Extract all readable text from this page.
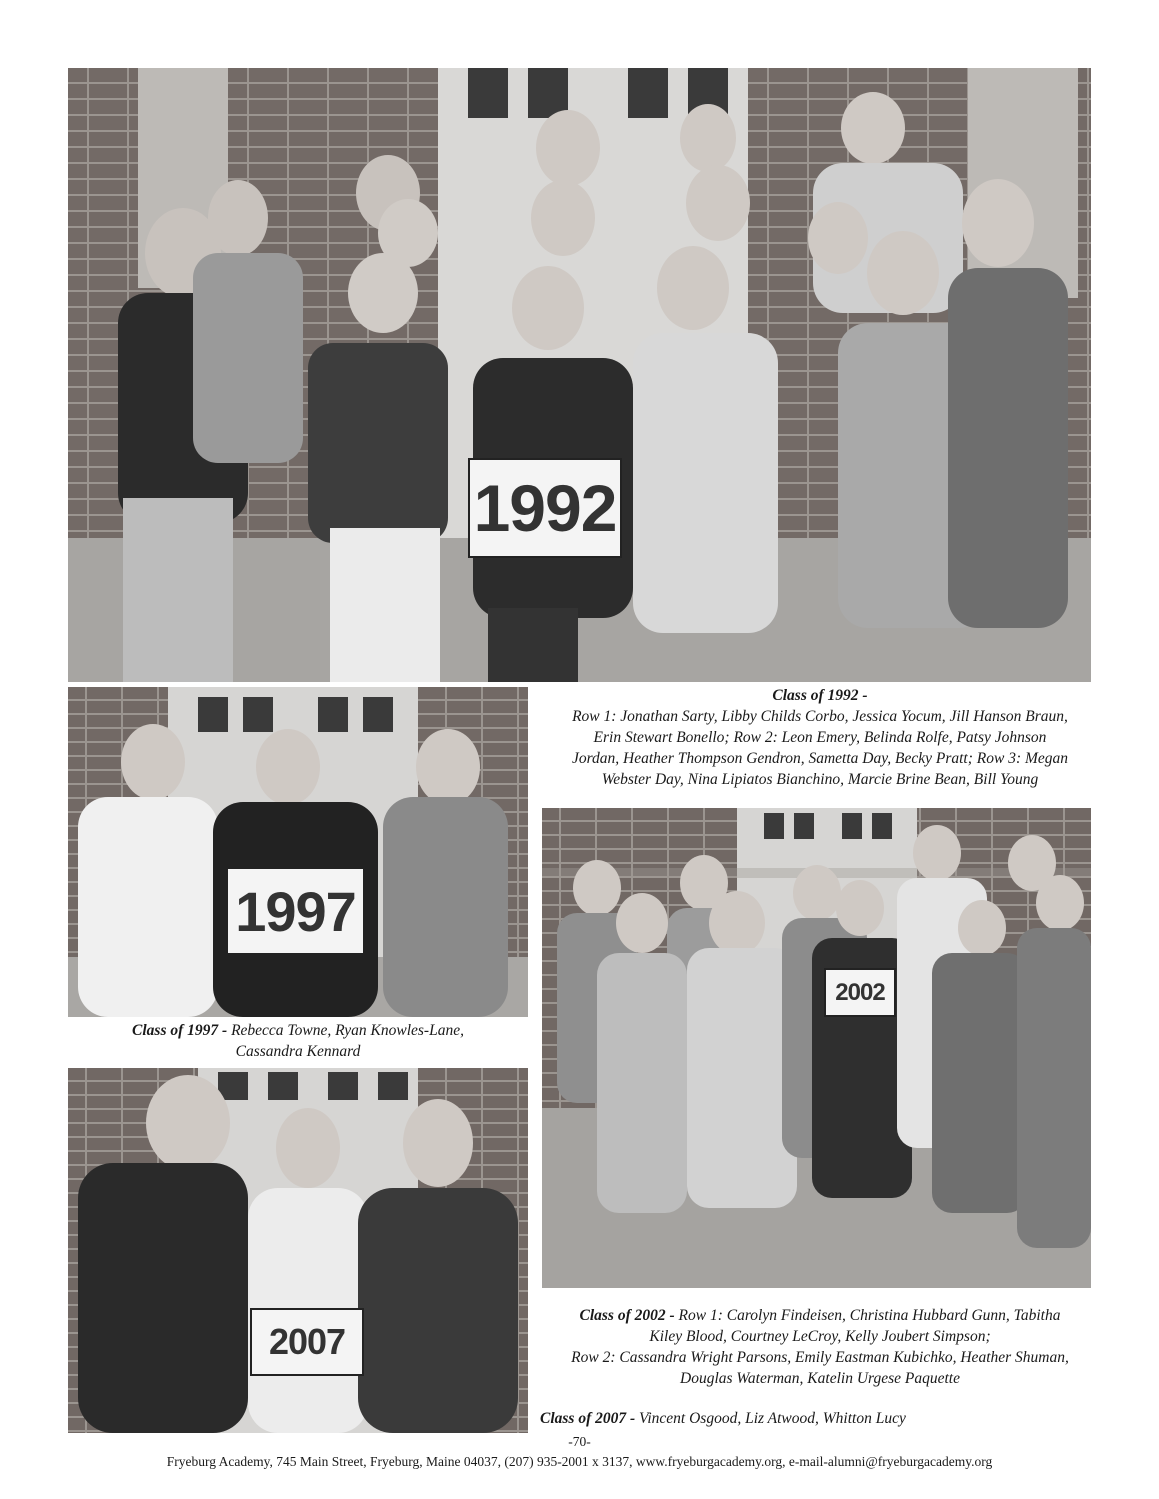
1992
Class of 1992 -
Row 1: Jonathan Sarty, Libby Childs Corbo, Jessica Yocum, Jill Hanson Braun,
Erin Stewart Bonello; Row 2: Leon Emery, Belinda Rolfe, Patsy Johnson
Jordan, Heather Thompson Gendron, Sametta Day, Becky Pratt; Row 3: Megan
Webster Day, Nina Lipiatos Bianchino, Marcie Brine Bean, Bill Young
1997
Class of 1997 - Rebecca Towne, Ryan Knowles-Lane,
Cassandra Kennard
2002
Class of 2002 - Row 1: Carolyn Findeisen, Christina Hubbard Gunn, Tabitha
Kiley Blood, Courtney LeCroy, Kelly Joubert Simpson;
Row 2: Cassandra Wright Parsons, Emily Eastman Kubichko, Heather Shuman,
Douglas Waterman, Katelin Urgese Paquette
2007
Class of 2007 - Vincent Osgood, Liz Atwood, Whitton Lucy
-70-
Fryeburg Academy, 745 Main Street, Fryeburg, Maine 04037, (207) 935-2001 x 3137, www.fryeburgacademy.org, e-mail-alumni@fryeburgacademy.org
